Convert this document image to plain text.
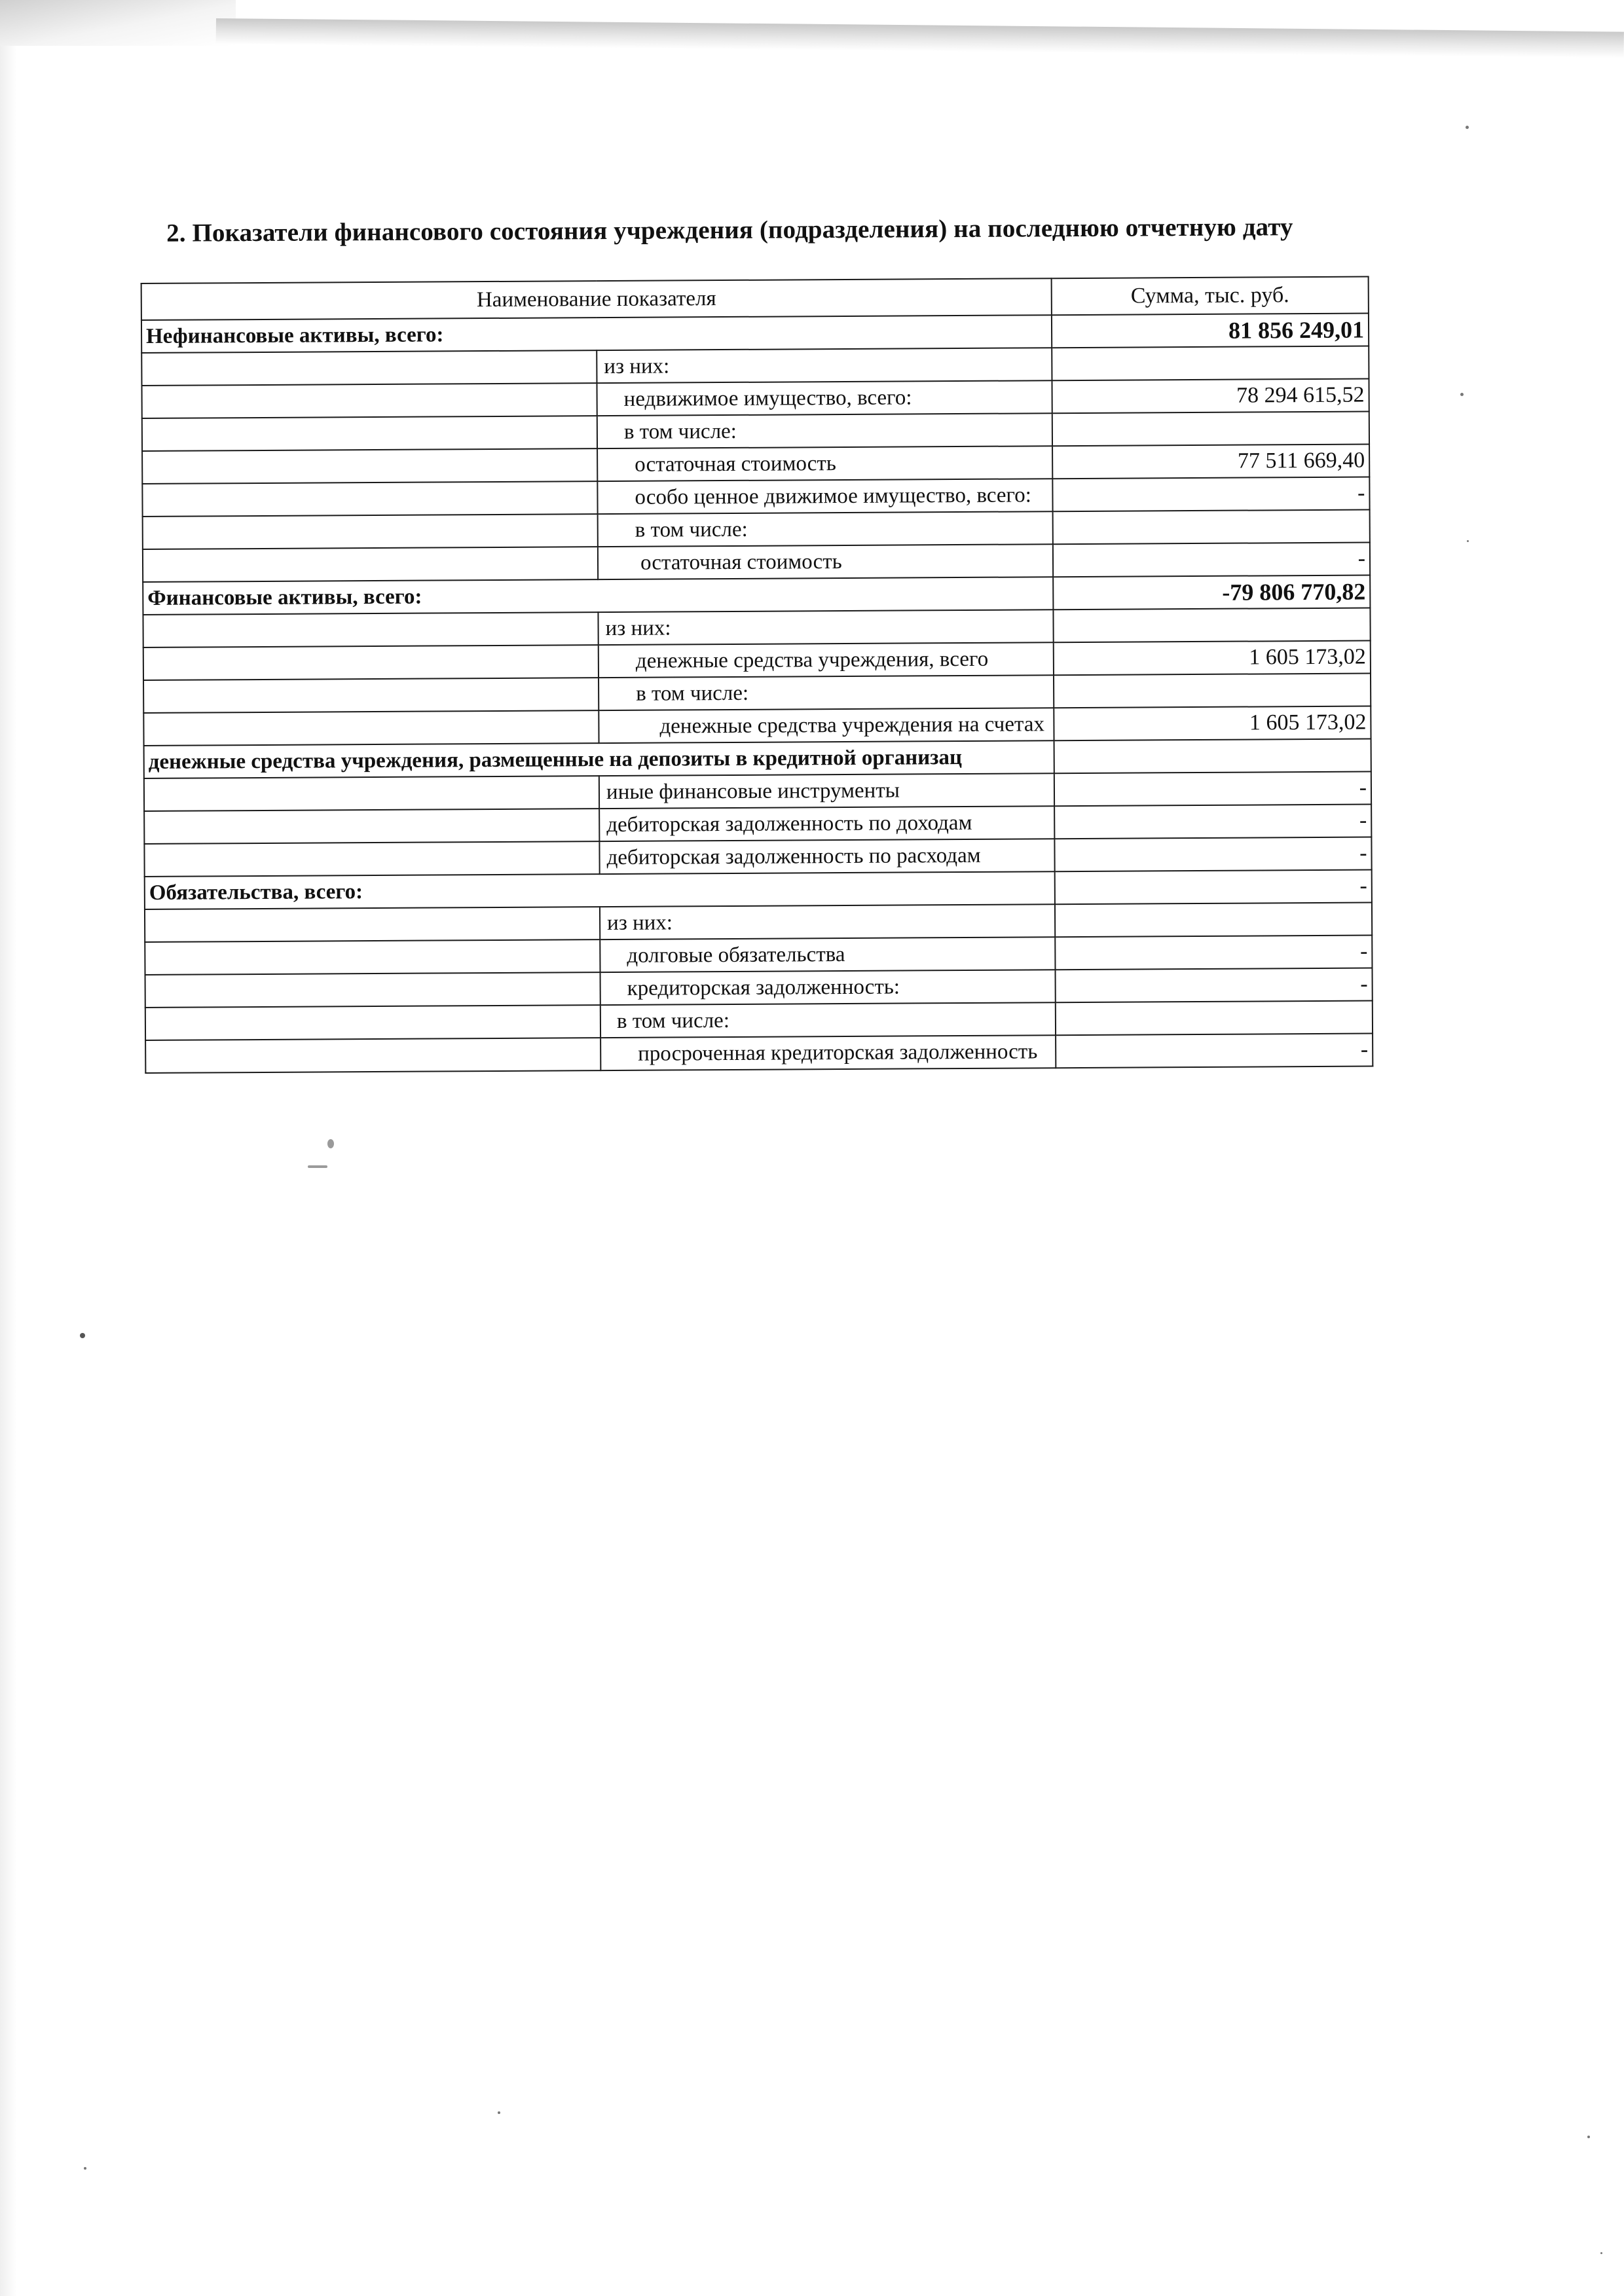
2. Показатели финансового состояния учреждения (подразделения) на последнюю отчетную дату
Наименование показателя		Сумма, тыс. руб.
Нефинансовые активы, всего:		81 856 249,01
	из них:	
	недвижимое имущество, всего:	78 294 615,52
	в том числе:	
	остаточная стоимость	77 511 669,40
	особо ценное движимое имущество, всего:	-
	в том числе:	
	остаточная стоимость	-
Финансовые активы, всего:		-79 806 770,82
	из них:	
	денежные средства учреждения, всего	1 605 173,02
	в том числе:	
	денежные средства учреждения на счетах	1 605 173,02
денежные средства учреждения, размещенные на депозиты в кредитной организац		
	иные финансовые инструменты	-
	дебиторская задолженность по доходам	-
	дебиторская задолженность по расходам	-
Обязательства, всего:		-
	из них:	
	долговые обязательства	-
	кредиторская задолженность:	-
	в том числе:	
	просроченная кредиторская задолженность	-
